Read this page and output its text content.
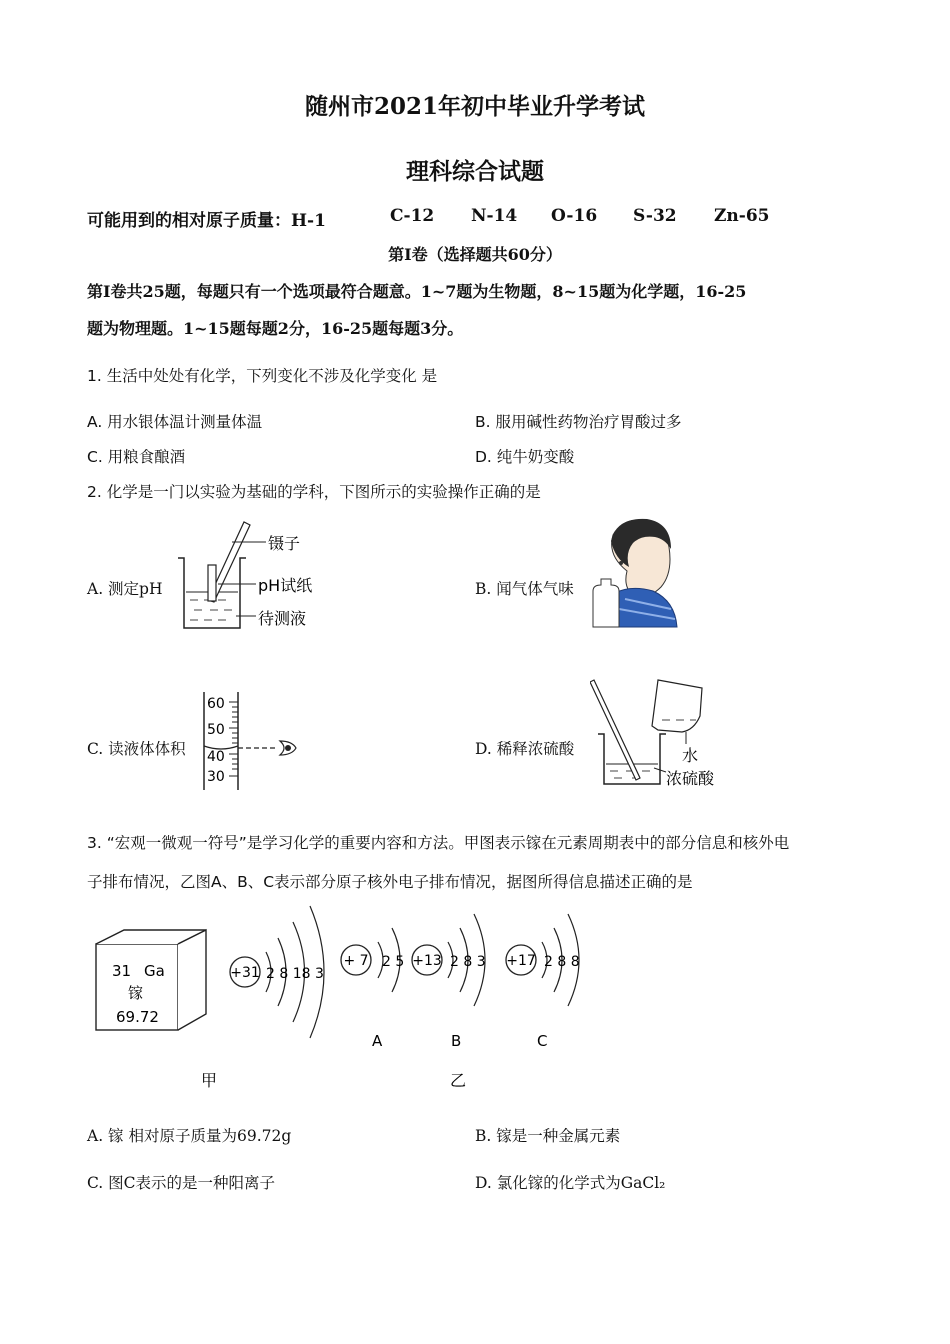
随州市2021年初中毕业升学考试
理科综合试题
可能用到的相对原子质量：H-1	C-12 N-14 O-16 S-32 Zn-65
第Ⅰ卷（选择题共60分）
第Ⅰ卷共25题，每题只有一个选项最符合题意。1~7题为生物题，8~15题为化学题，16-25
题为物理题。1~15题每题2分，16-25题每题3分。
1. 生活中处处有化学，下列变化不涉及化学变化 是
A. 用水银体温计测量体温	B. 服用碱性药物治疗胃酸过多
C. 用粮食酿酒	D. 纯牛奶变酸
2. 化学是一门以实验为基础的学科，下图所示的实验操作正确的是
A. 测定pH
镊子
pH试纸
待测液
B. 闻气体气味
C. 读液体体积
60
50
40
30
D. 稀释浓硫酸	水
浓硫酸
3. “宏观一微观一符号”是学习化学的重要内容和方法。甲图表示镓在元素周期表中的部分信息和核外电
子排布情况，乙图A、B、C表示部分原子核外电子排布情况，据图所得信息描述正确的是
31 Ga
镓
69.72
+31 2 8 18 3
+ 7 2 5
A
+13 2 8 3
B
+17 2 8 8
C
甲	乙
A. 镓 相对原子质量为69.72g	B. 镓是一种金属元素
C. 图C表示的是一种阳离子	D. 氯化镓的化学式为GaCl₂
